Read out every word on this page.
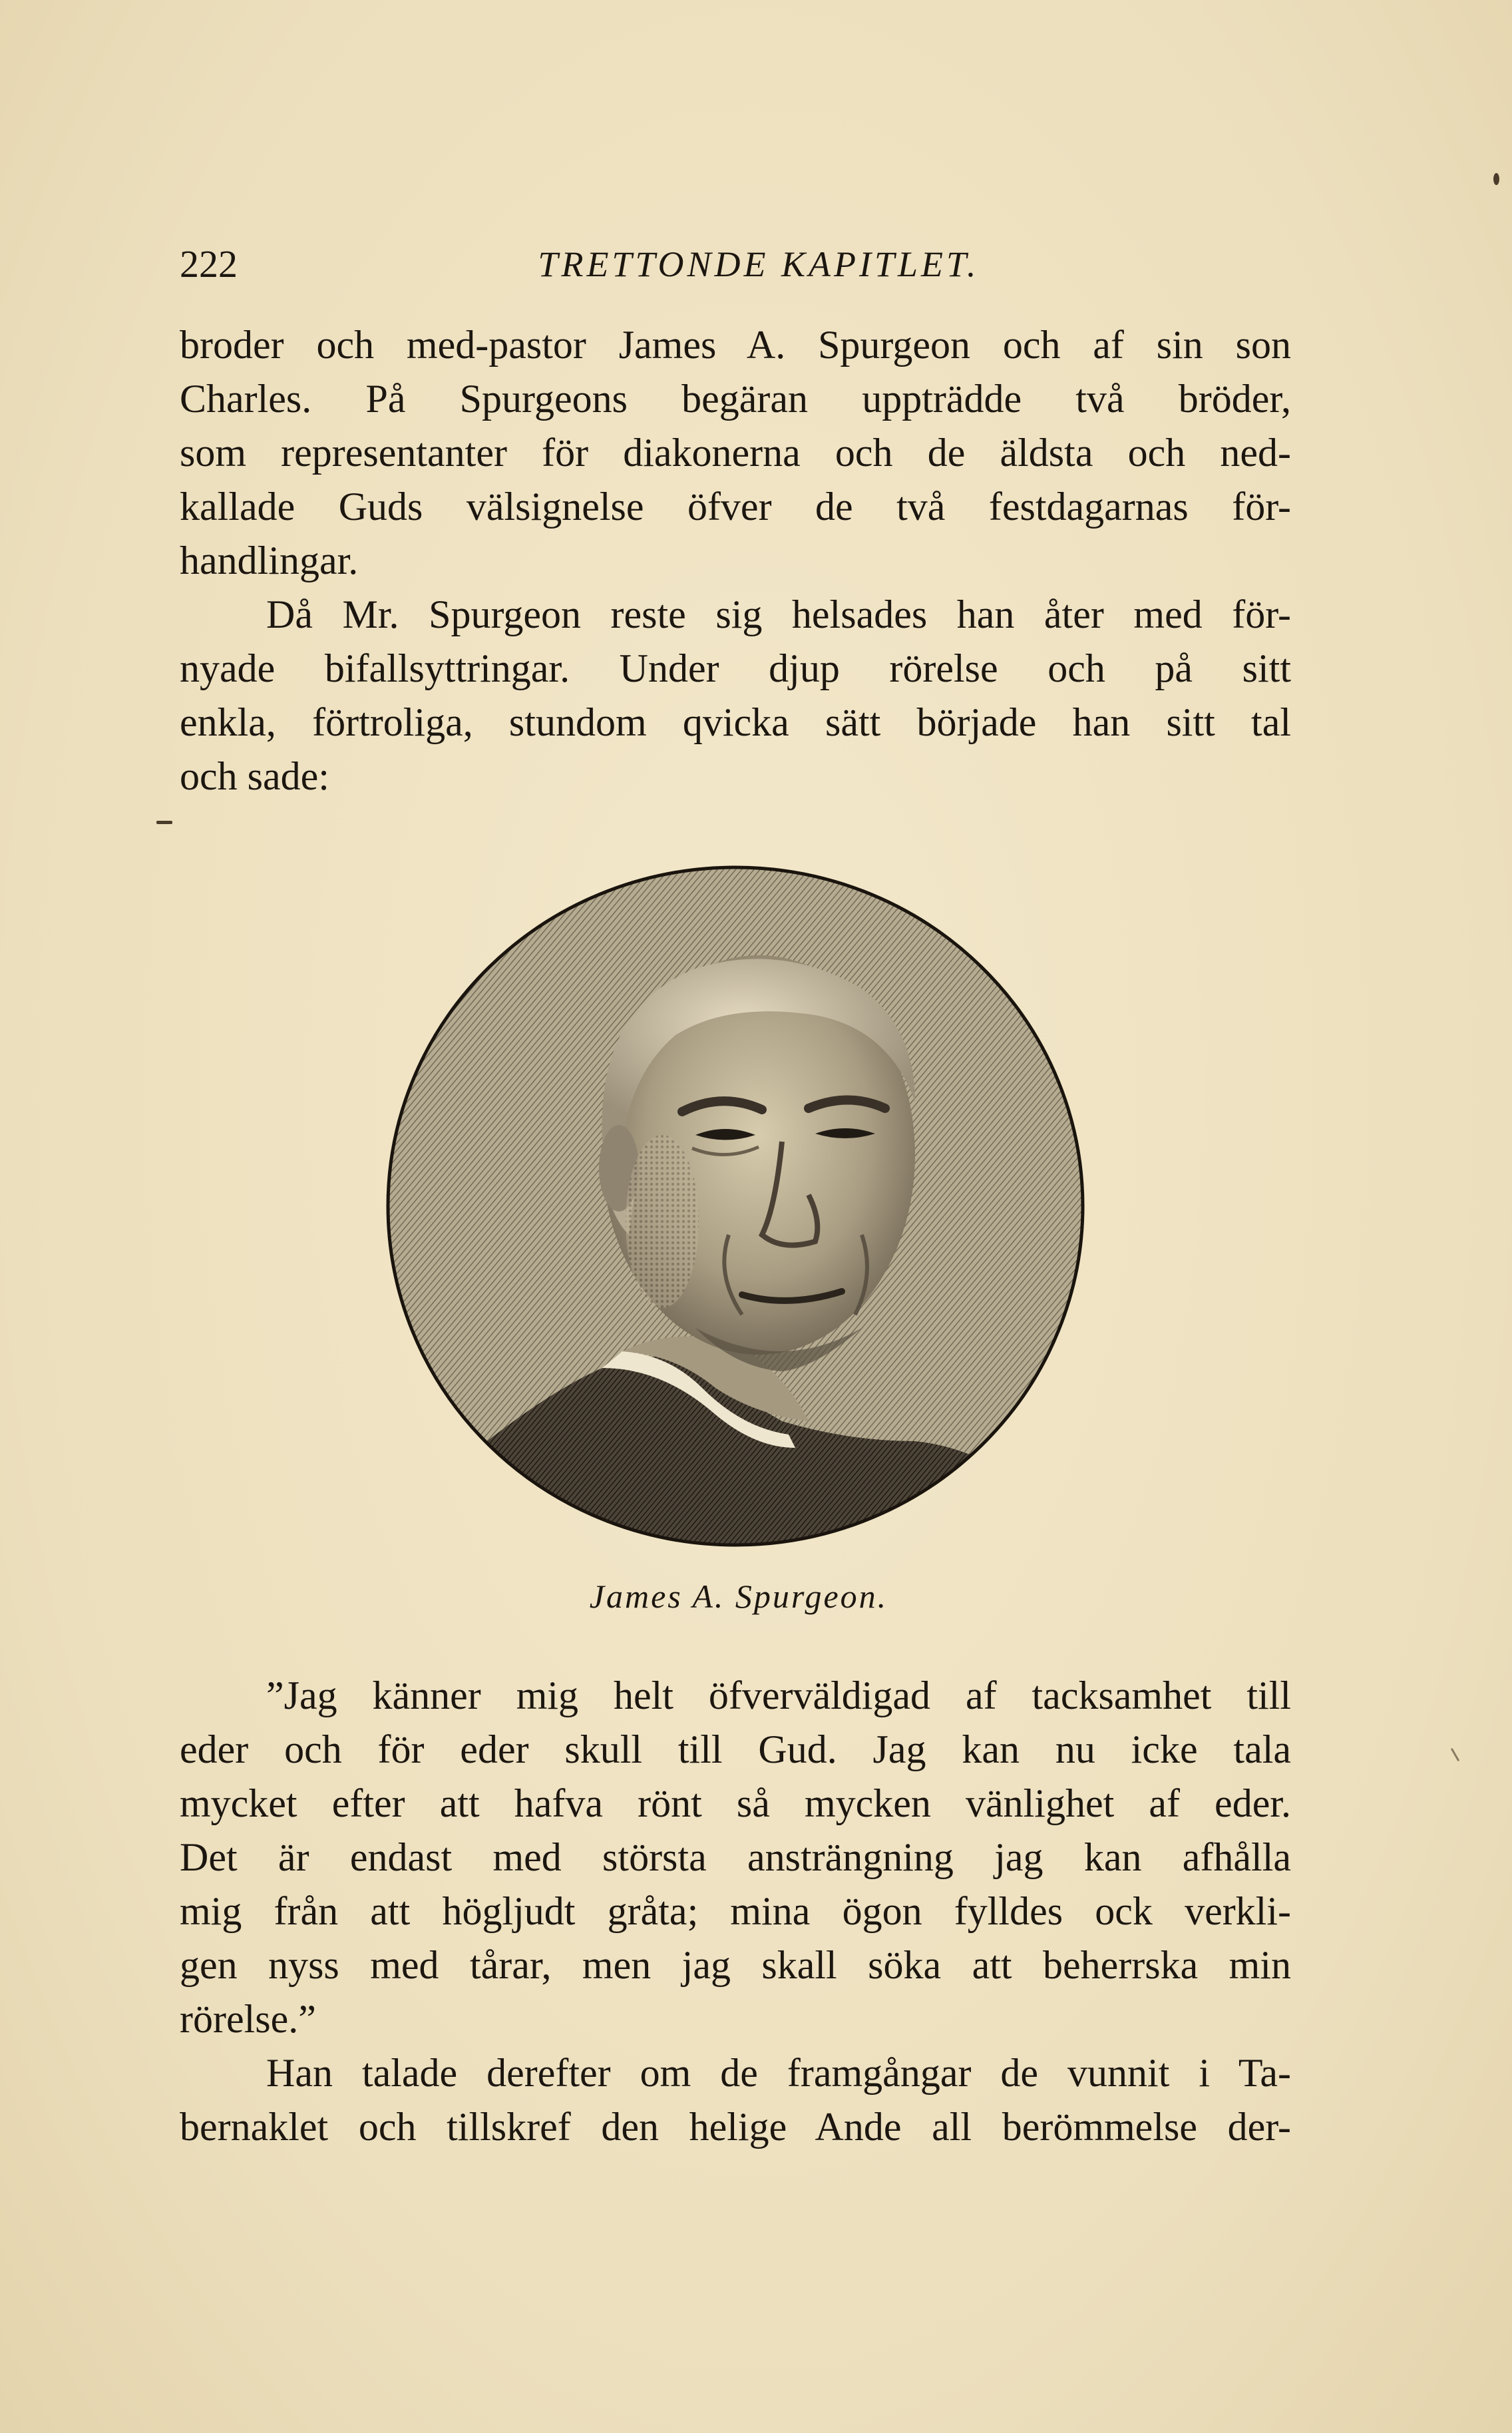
222	TRETTONDE KAPITLET.
broder och med-pastor James A. Spurgeon och af sin son
Charles. På Spurgeons begäran uppträdde två bröder,
som representanter för diakonerna och de äldsta och ned-
kallade Guds välsignelse öfver de två festdagarnas för-
handlingar.
Då Mr. Spurgeon reste sig helsades han åter med för-
nyade bifallsyttringar. Under djup rörelse och på sitt
enkla, förtroliga, stundom qvicka sätt började han sitt tal
och sade:
James A. Spurgeon.
”Jag känner mig helt öfverväldigad af tacksamhet till
eder och för eder skull till Gud. Jag kan nu icke tala
mycket efter att hafva rönt så mycken vänlighet af eder.
Det är endast med största ansträngning jag kan afhålla
mig från att högljudt gråta; mina ögon fylldes ock verkli-
gen nyss med tårar, men jag skall söka att beherrska min
rörelse.”
Han talade derefter om de framgångar de vunnit i Ta-
bernaklet och tillskref den helige Ande all berömmelse der-
